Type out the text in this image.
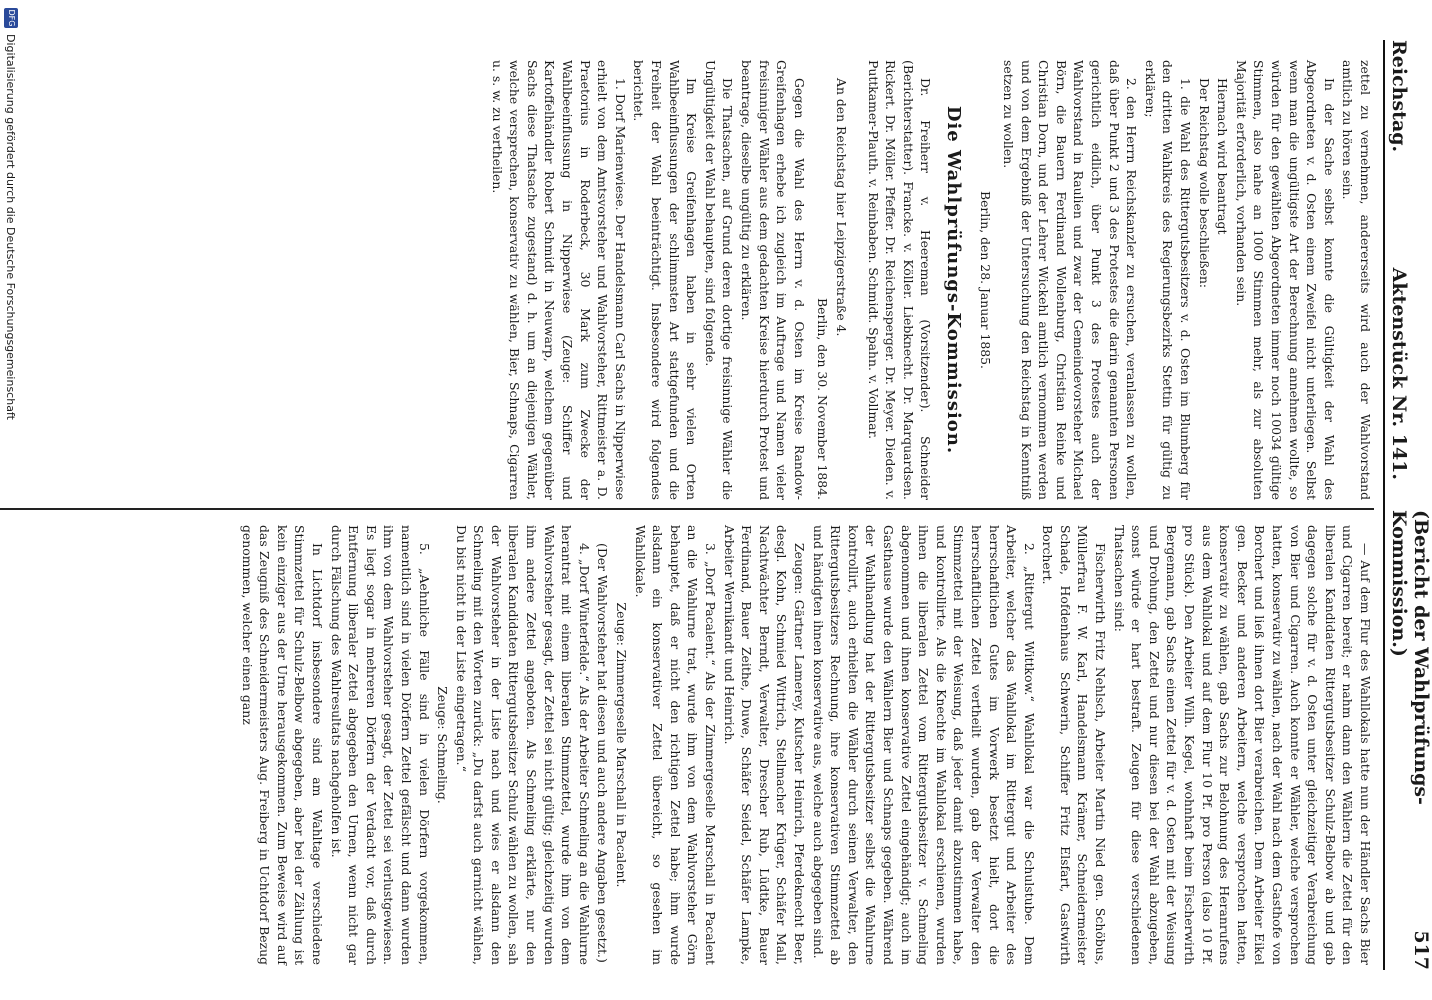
Reichstag.
Aktenstück Nr. 141.
(Bericht der Wahlprüfungs-Kommission.)
517

zettel zu vernehmen, andererseits wird auch der Wahlvorstand amtlich zu hören sein.

In der Sache selbst konnte die Gültigkeit der Wahl des Abgeordneten v. d. Osten einem Zweifel nicht unterliegen. Selbst wenn man die ungültigste Art der Berechnung annehmen wollte, so würden für den gewählten Abgeordneten immer noch 10034 gültige Stimmen, also nahe an 1000 Stimmen mehr, als zur absoluten Majorität erforderlich, vorhanden sein.

Hiernach wird beantragt

Der Reichstag wolle beschließen:

1. die Wahl des Rittergutsbesitzers v. d. Osten im Blumberg für den dritten Wahlkreis des Regierungsbezirks Stettin für gültig zu erklären;

2. den Herrn Reichskanzler zu ersuchen, veranlassen zu wollen, daß über Punkt 2 und 3 des Protestes die darin genannten Personen gerichtlich eidlich, über Punkt 3 des Protestes auch der Wahlvorstand in Raulien und zwar der Gemeindevorsteher Michael Börn, die Bauern Ferdinand Wollenburg, Christian Reinke und Christian Dorn, und der Lehrer Wickehl amtlich vernommen werden und von dem Ergebniß der Untersuchung den Reichstag in Kenntniß setzen zu wollen.

Berlin, den 28. Januar 1885.

Die Wahlprüfungs-Kommission.

Dr. Freiherr v. Heereman (Vorsitzender). Schneider (Berichterstatter). Francke. v. Köller. Liebknecht. Dr. Marquardsen. Rickert. Dr. Möller. Pfeffer. Dr. Reichensperger. Dr. Meyer. Dieden. v. Puttkamer-Plauth. v. Reinbaben. Schmidt. Spahn. v. Vollmar.

An den Reichstag hier Leipzigerstraße 4.

Berlin, den 30. November 1884.

Gegen die Wahl des Herrn v. d. Osten im Kreise Randow-Greifenhagen erhebe ich zugleich im Auftrage und Namen vieler freisinniger Wähler aus dem gedachten Kreise hierdurch Protest und beantrage, dieselbe ungültig zu erklären.

Die Thatsachen, auf Grund deren dortige freisinnige Wähler die Ungültigkeit der Wahl behaupten, sind folgende.

Im Kreise Greifenhagen haben in sehr vielen Orten Wahlbeeinflussungen der schlimmsten Art stattgefunden und die Freiheit der Wahl beeinträchtigt. Insbesondere wird folgendes berichtet.

1. Dorf Marienwiese. Der Handelsmann Carl Sachs in Nipperwiese erhielt von dem Amtsvorsteher und Wahlvorsteher, Rittmeister a. D. Praetorius in Roderbeck, 30 Mark zum Zwecke der Wahlbeeinflussung in Nipperwiese (Zeuge: Schiffer und Kartoffelhändler Robert Schmidt in Neuwarp, welchem gegenüber Sachs diese Thatsache zugestand) d. h. um an diejenigen Wähler, welche versprechen, konservativ zu wählen, Bier, Schnaps, Cigarren u. s. w. zu vertheilen.

— Auf dem Flur des Wahllokals hatte nun der Händler Sachs Bier und Cigarren bereit; er nahm dann den Wählern die Zettel für den liberalen Kandidaten Rittergutsbesitzer Schulz-Belbow ab und gab dagegen solche für v. d. Osten unter gleichzeitiger Verabreichung von Bier und Cigarren. Auch konnte er Wähler, welche versprochen hatten, konservativ zu wählen, nach der Wahl nach dem Gasthofe von Borchert und ließ ihnen dort Bier verabreichen. Dem Arbeiter Eikel gen. Becker und anderen Arbeitern, welche versprochen hatten, konservativ zu wählen, gab Sachs zur Belohnung des Heranrufens aus dem Wahllokal und auf dem Flur 10 Pf. pro Person (also 10 Pf. pro Stück). Den Arbeiter Wilh. Kegel, wohnhaft beim Fischerwirth Bergemann, gab Sachs einen Zettel für v. d. Osten mit der Weisung und Drohung, den Zettel und nur diesen bei der Wahl abzugeben, sonst würde er hart bestraft. Zeugen für diese verschiedenen Thatsachen sind:

Fischerwirth Fritz Nehlsch, Arbeiter Martin Nied gen. Schöbus, Müllerfrau F. W. Karl, Handelsmann Krämer, Schneidermeister Schade, Hofdenhaus Schwerin, Schiffer Fritz Elsfart, Gastwirth Borchert.

2. „Rittergut Wittkow.“ Wahllokal war die Schulstube. Dem Arbeiter, welcher das Wahllokal im Rittergut und Arbeiter des herrschaftlichen Gutes im Vorwerk besetzt hielt, dort die herrschaftlichen Zettel vertheilt wurden, gab der Verwalter den Stimmzettel mit der Weisung, daß jeder damit abzustimmen habe, und kontrollirte. Als die Knechte im Wahllokal erschienen, wurden ihnen die liberalen Zettel vom Rittergutsbesitzer v. Schmeling abgenommen und ihnen konservative Zettel eingehändigt; auch im Gasthause wurde den Wählern Bier und Schnaps gegeben. Während der Wahlhandlung hat der Rittergutsbesitzer selbst die Wahlurne kontrollirt, auch erhielten die Wähler durch seinen Verwalter, den Rittergutsbesitzers Rechnung, ihre konservativen Stimmzettel ab und händigten ihnen konservative aus, welche auch abgegeben sind.

Zeugen: Gärtner Lamerey, Kutscher Heinrich, Pferdeknecht Beer, desgl. Kohn, Schmied Wittrich, Stellmacher Krüger, Schäfer Mall, Nachtwächter Berndt, Verwalter, Drescher Rub, Lüdtke, Bauer Ferdinand, Bauer Zeithe, Duwe, Schäfer Seidel, Schäfer Lampke, Arbeiter Wernikandt und Heinrich.

3. „Dorf Pacalent.“ Als der Zimmergeselle Marschall in Pacalent an die Wahlurne trat, wurde ihm von dem Wahlvorsteher Görn behauptet, daß er nicht den richtigen Zettel habe; ihm wurde alsdann ein konservativer Zettel übereicht, so gesehen im Wahllokale.

Zeuge: Zimmergeselle Marschall in Pacalent.

(Der Wahlvorsteher hat diesen und auch andere Angaben gesetzt.)

4. „Dorf Winterfelde.“ Als der Arbeiter Schmeling an die Wahlurne herantrat mit einem liberalen Stimmzettel, wurde ihm von dem Wahlvorsteher gesagt, der Zettel sei nicht gültig; gleichzeitig wurden ihm andere Zettel angeboten. Als Schmeling erklärte, nur den liberalen Kandidaten Rittergutsbesitzer Schulz wählen zu wollen, sah der Wahlvorsteher in der Liste nach und wies er alsdann den Schmeling mit den Worten zurück: „Du darfst auch garnicht wählen, Du bist nicht in der Liste eingetragen.“

Zeuge: Schmeling.

5. „Aehnliche Fälle sind in vielen Dörfern vorgekommen, namentlich sind in vielen Dörfern Zettel gefälscht und dann wurden ihm von dem Wahlvorsteher gesagt, der Zettel sei verlustgewiesen. Es liegt sogar in mehreren Dörfern der Verdacht vor, daß durch Entfernung liberaler Zettel abgegeben den Urnen, wenn nicht gar durch Fälschung des Wahlresultats nachgeholfen ist.

In Lichtdorf insbesondere sind am Wahltage verschiedene Stimmzettel für Schulz-Belbow abgegeben, aber bei der Zählung ist kein einziger aus der Urne herausgekommen. Zum Beweise wird auf das Zeugniß des Schneidermeisters Aug. Freiberg in Uchtdorf Bezug genommen, welcher einen ganz

DFG
Digitalisierung gefördert durch die Deutsche Forschungsgemeinschaft
